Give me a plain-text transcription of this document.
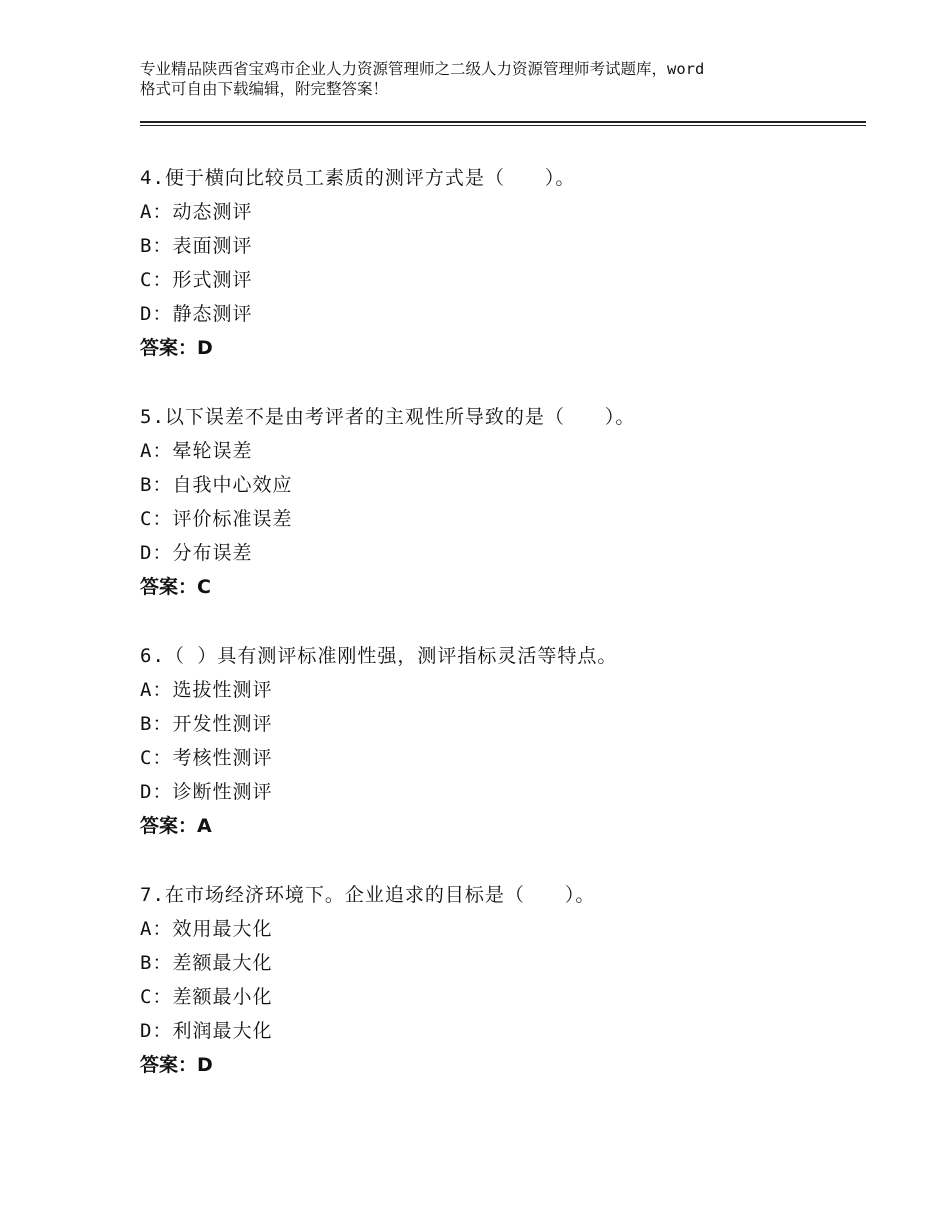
专业精品陕西省宝鸡市企业人力资源管理师之二级人力资源管理师考试题库，word
格式可自由下载编辑，附完整答案！
4.便于横向比较员工素质的测评方式是（　　）。
A：动态测评
B：表面测评
C：形式测评
D：静态测评
答案：D
5.以下误差不是由考评者的主观性所导致的是（　　）。
A：晕轮误差
B：自我中心效应
C：评价标准误差
D：分布误差
答案：C
6.（ ）具有测评标准刚性强，测评指标灵活等特点。
A：选拔性测评
B：开发性测评
C：考核性测评
D：诊断性测评
答案：A
7.在市场经济环境下。企业追求的目标是（　　）。
A：效用最大化
B：差额最大化
C：差额最小化
D：利润最大化
答案：D
